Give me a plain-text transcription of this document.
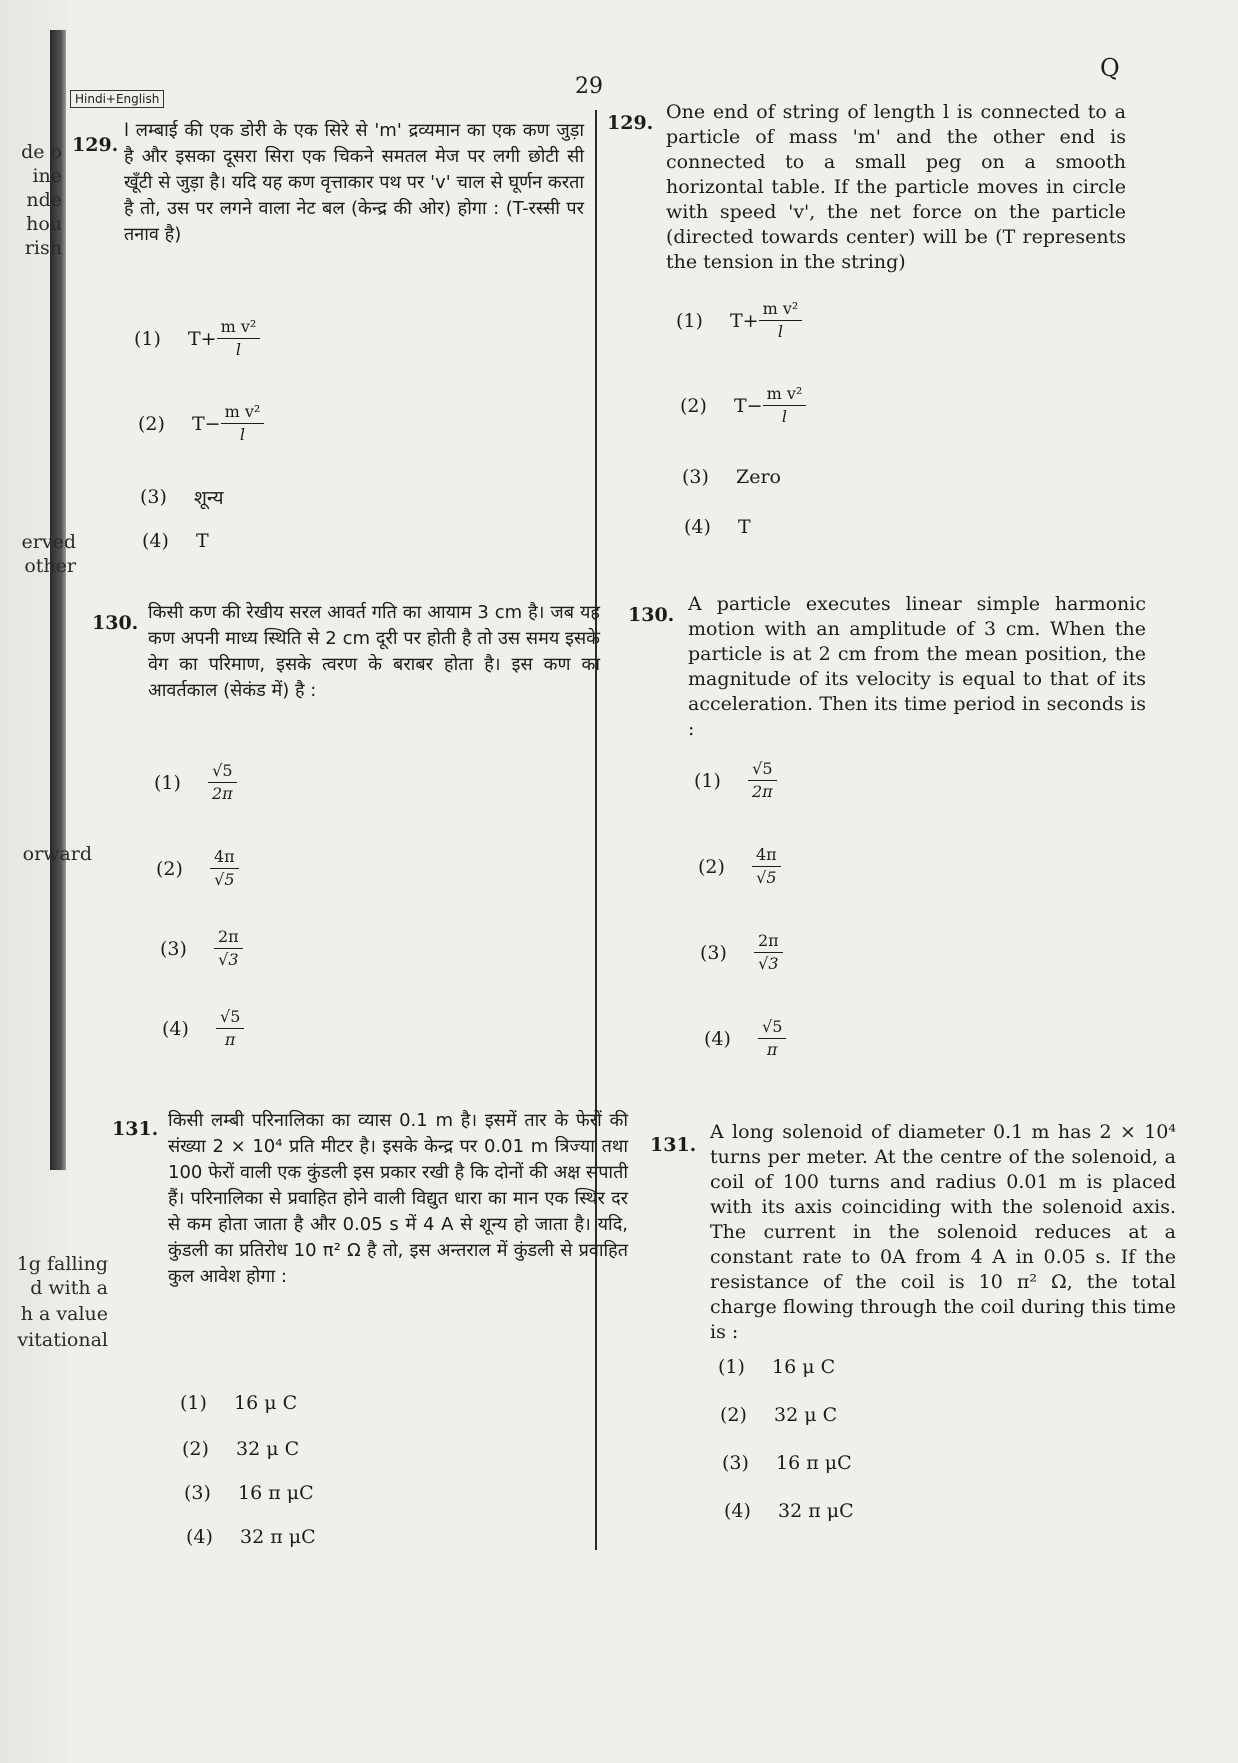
de o
ine
nde
hou
risn
erved
other
orward
1g falling
d with a
h a value
vitational
Hindi+English	29
Q
129.
l लम्बाई की एक डोरी के एक सिरे से 'm' द्रव्यमान का एक कण जुड़ा है और इसका दूसरा सिरा एक चिकने समतल मेज पर लगी छोटी सी खूँटी से जुड़ा है। यदि यह कण वृत्ताकार पथ पर 'v' चाल से घूर्णन करता है तो, उस पर लगने वाला नेट बल (केन्द्र की ओर) होगा : (T-रस्सी पर तनाव है)
(1)	$T+ \frac{\text{m v²}}{l}$
(2)	$T- \frac{\text{m v²}}{l}$
(3)	शून्य
(4)	T
129. One end of string of length l is connected to a particle of mass 'm' and the other end is connected to a small peg on a smooth horizontal table. If the particle moves in circle with speed 'v', the net force on the particle (directed towards center) will be (T represents the tension in the string)
(1)	$T+ \frac{\text{m v²}}{l}$
(2)	$T- \frac{\text{m v²}}{l}$
(3)	Zero
(4)	T
130. किसी कण की रेखीय सरल आवर्त गति का आयाम 3 cm है। जब यह कण अपनी माध्य स्थिति से 2 cm दूरी पर होती है तो उस समय इसके वेग का परिमाण, इसके त्वरण के बराबर होता है। इस कण का आवर्तकाल (सेकंड में) है :
(1)	$\frac{√5}{2\pi}$
(2)	$\frac{4\pi}{√5}$
(3)	$\frac{2\pi}{√3}$
(4)	$\frac{√5}{\pi}$
130. A particle executes linear simple harmonic motion with an amplitude of 3 cm. When the particle is at 2 cm from the mean position, the magnitude of its velocity is equal to that of its acceleration. Then its time period in seconds is :
(1)	$\frac{√5}{2\pi}$
(2)	$\frac{4\pi}{√5}$
(3)	$\frac{2\pi}{√3}$
(4)	$\frac{√5}{\pi}$
131. किसी लम्बी परिनालिका का व्यास 0.1 m है। इसमें तार के फेरों की संख्या 2 × 10⁴ प्रति मीटर है। इसके केन्द्र पर 0.01 m त्रिज्या तथा 100 फेरों वाली एक कुंडली इस प्रकार रखी है कि दोनों की अक्ष संपाती हैं। परिनालिका से प्रवाहित होने वाली विद्युत धारा का मान एक स्थिर दर से कम होता जाता है और 0.05 s में 4 A से शून्य हो जाता है। यदि, कुंडली का प्रतिरोध 10 π² Ω है तो, इस अन्तराल में कुंडली से प्रवाहित कुल आवेश होगा :
(1)	16 μ C
(2)	32 μ C
(3)	16 π μC
(4)	32 π μC
131.
A long solenoid of diameter 0.1 m has 2 × 10⁴ turns per meter. At the centre of the solenoid, a coil of 100 turns and radius 0.01 m is placed with its axis coinciding with the solenoid axis. The current in the solenoid reduces at a constant rate to 0A from 4 A in 0.05 s. If the resistance of the coil is 10 π² Ω, the total charge flowing through the coil during this time is :
(1)	16 μ C
(2)	32 μ C
(3)	16 π μC
(4)	32 π μC
